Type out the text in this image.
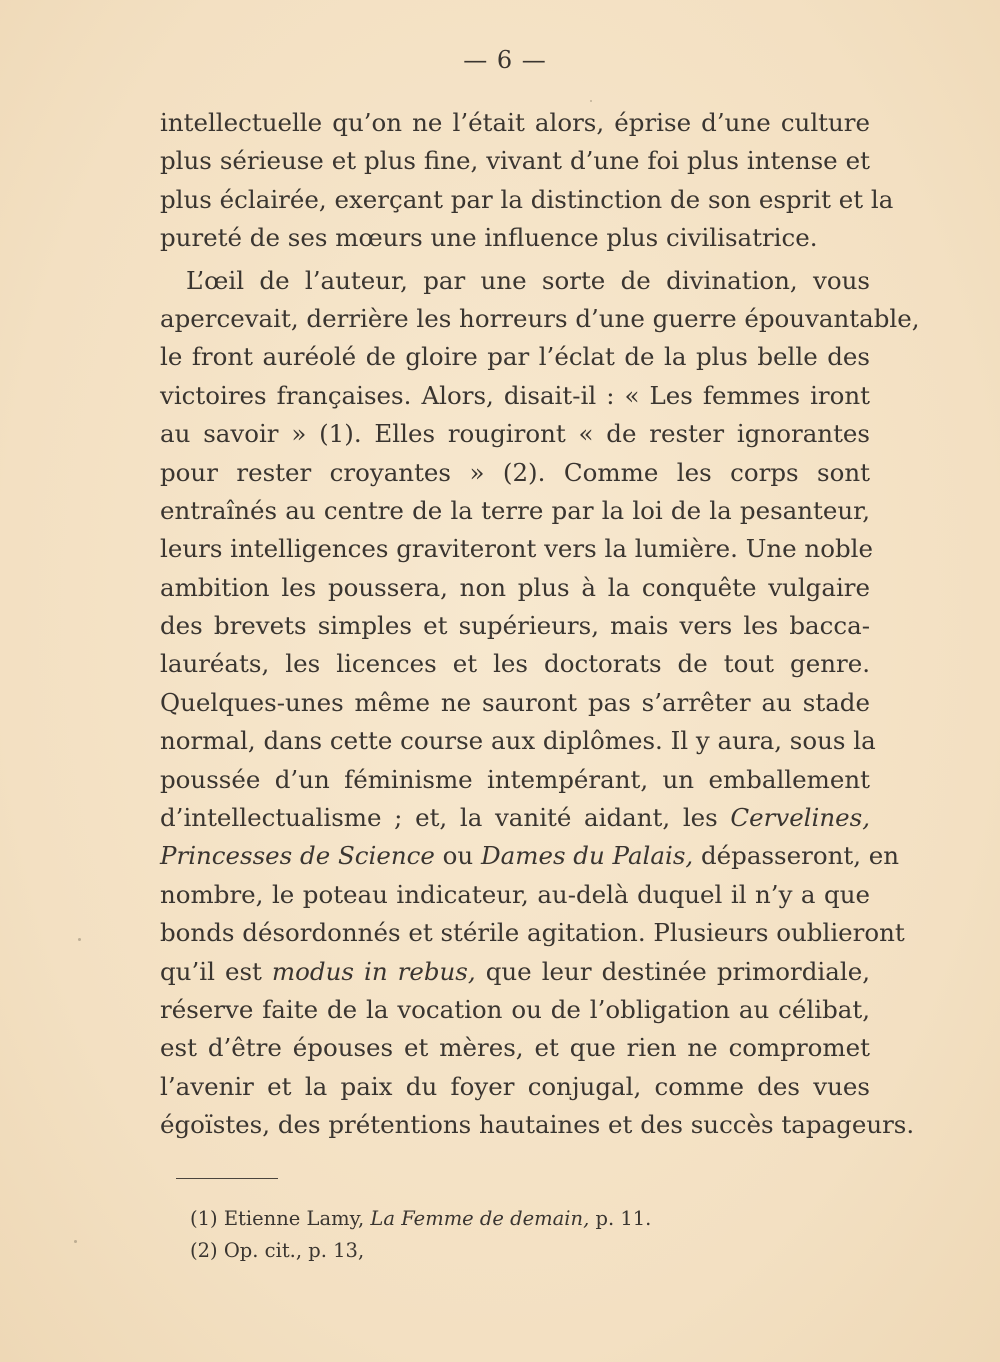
— 6 —
intellectuelle qu’on ne l’était alors, éprise d’une culture
plus sérieuse et plus fine, vivant d’une foi plus intense et
plus éclairée, exerçant par la distinction de son esprit et la
pureté de ses mœurs une influence plus civilisatrice.
L’œil de l’auteur, par une sorte de divination, vous
apercevait, derrière les horreurs d’une guerre épouvantable,
le front auréolé de gloire par l’éclat de la plus belle des
victoires françaises. Alors, disait-il : « Les femmes iront
au savoir » (1). Elles rougiront « de rester ignorantes
pour rester croyantes » (2). Comme les corps sont
entraînés au centre de la terre par la loi de la pesanteur,
leurs intelligences graviteront vers la lumière. Une noble
ambition les poussera, non plus à la conquête vulgaire
des brevets simples et supérieurs, mais vers les bacca-
lauréats, les licences et les doctorats de tout genre.
Quelques-unes même ne sauront pas s’arrêter au stade
normal, dans cette course aux diplômes. Il y aura, sous la
poussée d’un féminisme intempérant, un emballement
d’intellectualisme ; et, la vanité aidant, les Cervelines,
Princesses de Science ou Dames du Palais, dépasseront, en
nombre, le poteau indicateur, au-delà duquel il n’y a que
bonds désordonnés et stérile agitation. Plusieurs oublieront
qu’il est modus in rebus, que leur destinée primordiale,
réserve faite de la vocation ou de l’obligation au célibat,
est d’être épouses et mères, et que rien ne compromet
l’avenir et la paix du foyer conjugal, comme des vues
égoïstes, des prétentions hautaines et des succès tapageurs.
(1) Etienne Lamy, La Femme de demain, p. 11.
(2) Op. cit., p. 13,
